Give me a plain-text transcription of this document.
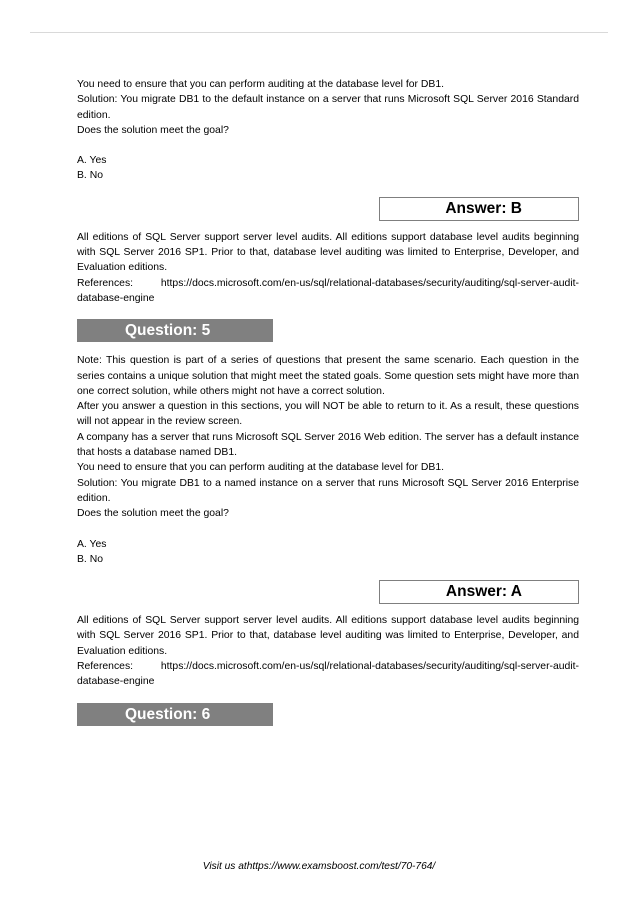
You need to ensure that you can perform auditing at the database level for DB1.

Solution: You migrate DB1 to the default instance on a server that runs Microsoft SQL Server 2016 Standard edition.

Does the solution meet the goal?

A. Yes

B. No

Answer: B

All editions of SQL Server support server level audits. All editions support database level audits beginning with SQL Server 2016 SP1. Prior to that, database level auditing was limited to Enterprise, Developer, and Evaluation editions.

References: https://docs.microsoft.com/en-us/sql/relational-databases/security/auditing/sql-server-audit-database-engine

Question: 5

Note: This question is part of a series of questions that present the same scenario. Each question in the series contains a unique solution that might meet the stated goals. Some question sets might have more than one correct solution, while others might not have a correct solution.

After you answer a question in this sections, you will NOT be able to return to it. As a result, these questions will not appear in the review screen.

A company has a server that runs Microsoft SQL Server 2016 Web edition. The server has a default instance that hosts a database named DB1.

You need to ensure that you can perform auditing at the database level for DB1.

Solution: You migrate DB1 to a named instance on a server that runs Microsoft SQL Server 2016 Enterprise edition.

Does the solution meet the goal?

A. Yes

B. No

Answer: A

All editions of SQL Server support server level audits. All editions support database level audits beginning with SQL Server 2016 SP1. Prior to that, database level auditing was limited to Enterprise, Developer, and Evaluation editions.

References: https://docs.microsoft.com/en-us/sql/relational-databases/security/auditing/sql-server-audit-database-engine

Question: 6
Visit us athttps://www.examsboost.com/test/70-764/
